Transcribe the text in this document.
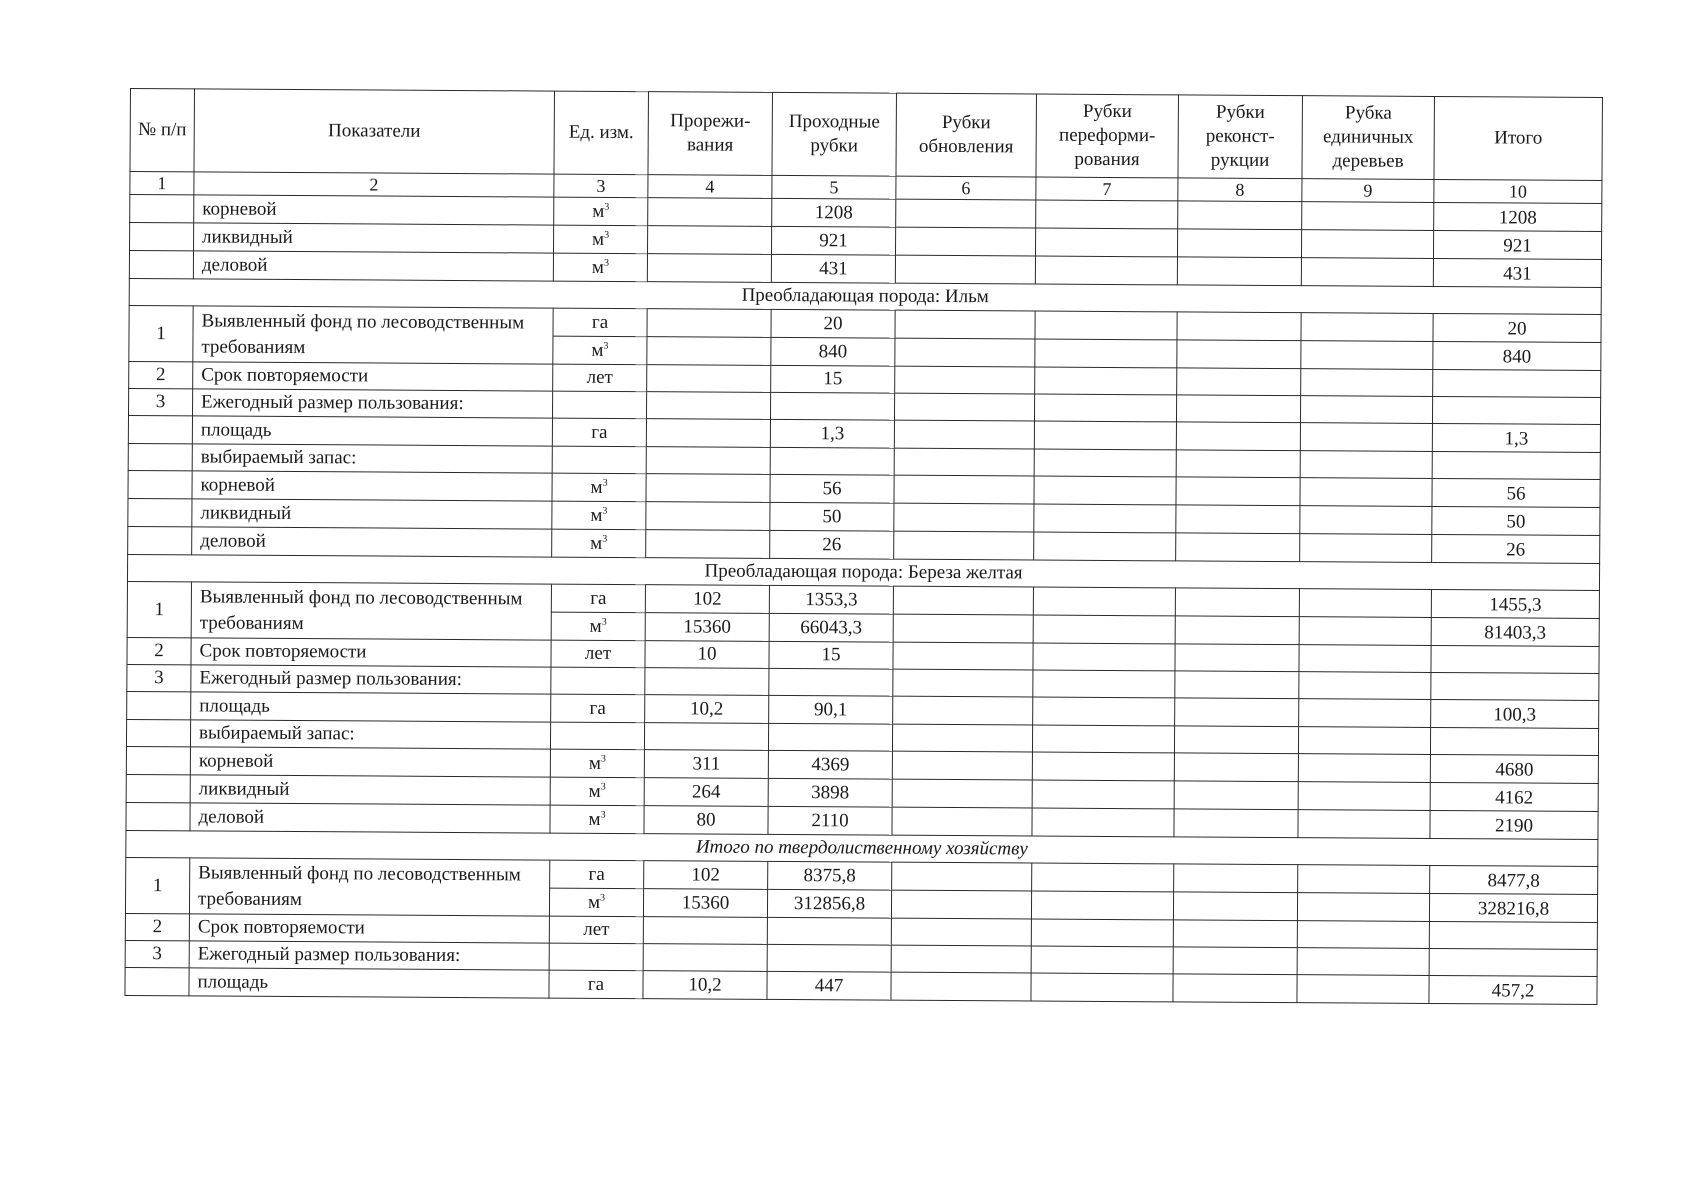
№ п/п	Показатели	Ед. изм.	Прорежи-вания	Проходные рубки	Рубки обновления	Рубки переформи-рования	Рубки реконст-рукции	Рубка единичных деревьев	Итого
1	2	3	4	5	6	7	8	9	10
	корневой	$м^3$		1208					1208
	ликвидный	$м^3$		921					921
	деловой	$м^3$		431					431
Преобладающая порода: Ильм									
1	Выявленный фонд по лесоводственным требованиям	га		20					20
		$м^3$		840					840
2	Срок повторяемости	лет		15					
3	Ежегодный размер пользования:								
	площадь	га		1,3					1,3
	выбираемый запас:								
	корневой	$м^3$		56					56
	ликвидный	$м^3$		50					50
	деловой	$м^3$		26					26
Преобладающая порода: Береза желтая									
1	Выявленный фонд по лесоводственным требованиям	га	102	1353,3					1455,3
		$м^3$	15360	66043,3					81403,3
2	Срок повторяемости	лет	10	15					
3	Ежегодный размер пользования:								
	площадь	га	10,2	90,1					100,3
	выбираемый запас:								
	корневой	$м^3$	311	4369					4680
	ликвидный	$м^3$	264	3898					4162
	деловой	$м^3$	80	2110					2190
Итого по твердолиственному хозяйству									
1	Выявленный фонд по лесоводственным требованиям	га	102	8375,8					8477,8
		$м^3$	15360	312856,8					328216,8
2	Срок повторяемости	лет							
3	Ежегодный размер пользования:								
	площадь	га	10,2	447					457,2
